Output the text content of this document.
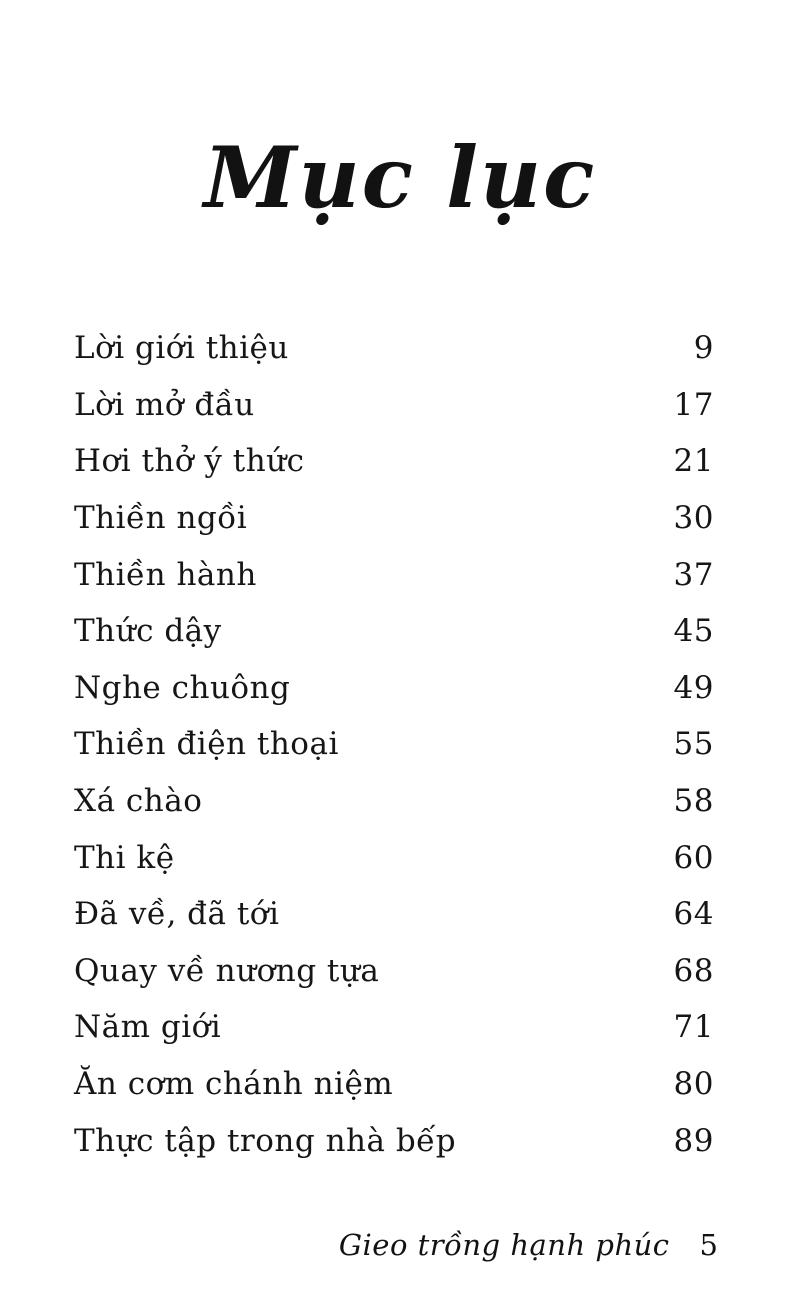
Mục lục
Lời giới thiệu	9
Lời mở đầu	17
Hơi thở ý thức	21
Thiền ngồi	30
Thiền hành	37
Thức dậy	45
Nghe chuông	49
Thiền điện thoại	55
Xá chào	58
Thi kệ	60
Đã về, đã tới	64
Quay về nương tựa	68
Năm giới	71
Ăn cơm chánh niệm	80
Thực tập trong nhà bếp	89
Gieo trồng hạnh phúc 5
